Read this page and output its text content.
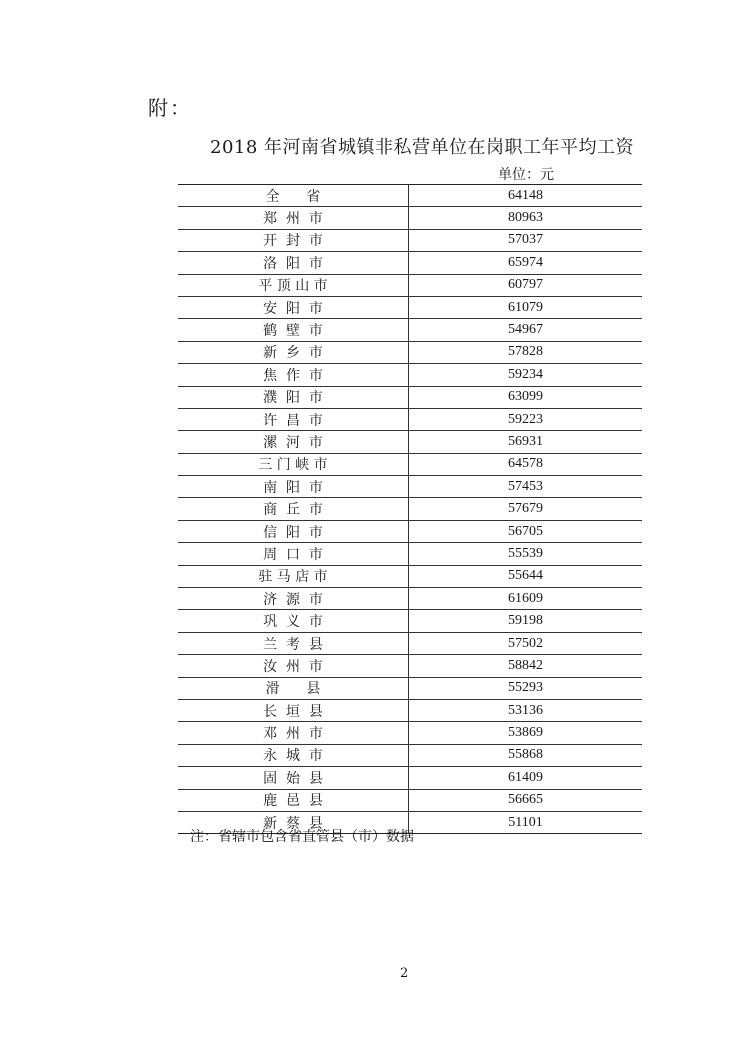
附：
2018 年河南省城镇非私营单位在岗职工年平均工资
单位：元
全      省	64148
郑  州  市	80963
开  封  市	57037
洛  阳  市	65974
平 顶 山 市	60797
安  阳  市	61079
鹤  壁  市	54967
新  乡  市	57828
焦  作  市	59234
濮  阳  市	63099
许  昌  市	59223
漯  河  市	56931
三 门 峡 市	64578
南  阳  市	57453
商  丘  市	57679
信  阳  市	56705
周  口  市	55539
驻 马 店 市	55644
济  源  市	61609
巩  义  市	59198
兰  考  县	57502
汝  州  市	58842
滑      县	55293
长  垣  县	53136
邓  州  市	53869
永  城  市	55868
固  始  县	61409
鹿  邑  县	56665
新  蔡  县	51101
注：省辖市包含省直管县（市）数据
2
